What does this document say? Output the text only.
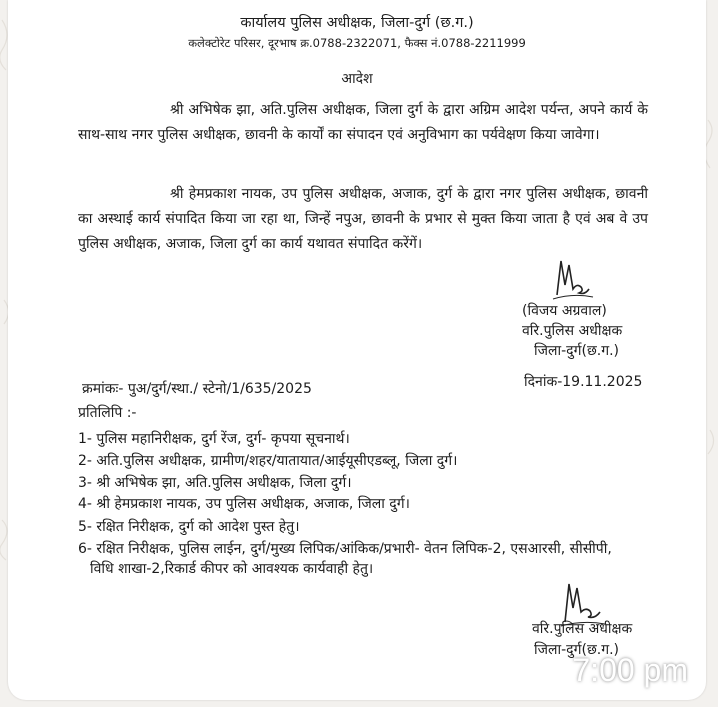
कार्यालय पुलिस अधीक्षक, जिला-दुर्ग (छ.ग.)
कलेक्टोरेट परिसर, दूरभाष क्र.0788-2322071, फैक्स नं.0788-2211999
आदेश
श्री अभिषेक झा, अति.पुलिस अधीक्षक, जिला दुर्ग के द्वारा अग्रिम आदेश पर्यन्त, अपने कार्य के साथ-साथ नगर पुलिस अधीक्षक, छावनी के कार्यों का संपादन एवं अनुविभाग का पर्यवेक्षण किया जावेगा।
श्री हेमप्रकाश नायक, उप पुलिस अधीक्षक, अजाक, दुर्ग के द्वारा नगर पुलिस अधीक्षक, छावनी का अस्थाई कार्य संपादित किया जा रहा था, जिन्हें नपुअ, छावनी के प्रभार से मुक्त किया जाता है एवं अब वे उप पुलिस अधीक्षक, अजाक, जिला दुर्ग का कार्य यथावत संपादित करेंगें।
(विजय अग्रवाल)
वरि.पुलिस अधीक्षक
जिला-दुर्ग(छ.ग.)
क्रमांकः- पुअ/दुर्ग/स्था./ स्टेनो/1/635/2025	दिनांक-19.11.2025
प्रतिलिपि :-
1- पुलिस महानिरीक्षक, दुर्ग रेंज, दुर्ग- कृपया सूचनार्थ।
2- अति.पुलिस अधीक्षक, ग्रामीण/शहर/यातायात/आईयूसीएडब्लू, जिला दुर्ग।
3- श्री अभिषेक झा, अति.पुलिस अधीक्षक, जिला दुर्ग।
4- श्री हेमप्रकाश नायक, उप पुलिस अधीक्षक, अजाक, जिला दुर्ग।
5- रक्षित निरीक्षक, दुर्ग को आदेश पुस्त हेतु।
6- रक्षित निरीक्षक, पुलिस लाईन, दुर्ग/मुख्य लिपिक/आंकिक/प्रभारी- वेतन लिपिक-2, एसआरसी, सीसीपी,
विधि शाखा-2,रिकार्ड कीपर को आवश्यक कार्यवाही हेतु।
वरि.पुलिस अधीक्षक
जिला-दुर्ग(छ.ग.)
7:00 pm
